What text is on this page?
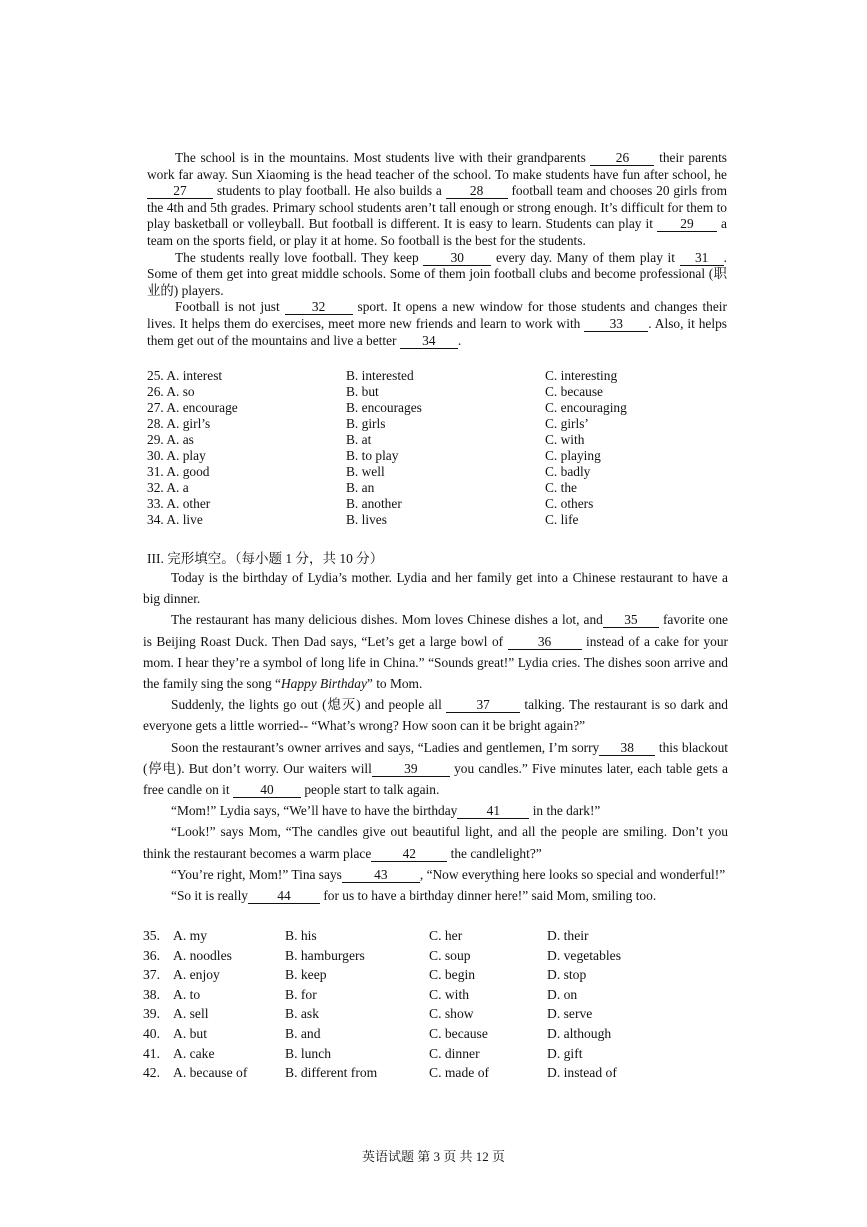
The school is in the mountains. Most students live with their grandparents 26 their parents work far away. Sun Xiaoming is the head teacher of the school. To make students have fun after school, he 27 students to play football. He also builds a 28 football team and chooses 20 girls from the 4th and 5th grades. Primary school students aren’t tall enough or strong enough. It’s difficult for them to play basketball or volleyball. But football is different. It is easy to learn. Students can play it 29 a team on the sports field, or play it at home. So football is the best for the students.

The students really love football. They keep 30 every day. Many of them play it 31 . Some of them get into great middle schools. Some of them join football clubs and become professional (职业的) players.

Football is not just 32 sport. It opens a new window for those students and changes their lives. It helps them do exercises, meet more new friends and learn to work with 33 . Also, it helps them get out of the mountains and live a better 34 .

25. A. interest	B. interested	C. interesting
26. A. so	B. but	C. because
27. A. encourage	B. encourages	C. encouraging
28. A. girl’s	B. girls	C. girls’
29. A. as	B. at	C. with
30. A. play	B. to play	C. playing
31. A. good	B. well	C. badly
32. A. a	B. an	C. the
33. A. other	B. another	C. others
34. A. live	B. lives	C. life
III. 完形填空。（每小题 1 分，共 10 分）

Today is the birthday of Lydia’s mother. Lydia and her family get into a Chinese restaurant to have a big dinner.

The restaurant has many delicious dishes. Mom loves Chinese dishes a lot, and 35 favorite one is Beijing Roast Duck. Then Dad says, “Let’s get a large bowl of 36 instead of a cake for your mom. I hear they’re a symbol of long life in China.” “Sounds great!” Lydia cries. The dishes soon arrive and the family sing the song “Happy Birthday” to Mom.

Suddenly, the lights go out (熄灭) and people all 37 talking. The restaurant is so dark and everyone gets a little worried-- “What’s wrong? How soon can it be bright again?”

Soon the restaurant’s owner arrives and says, “Ladies and gentlemen, I’m sorry 38 this blackout (停电). But don’t worry. Our waiters will 39 you candles.” Five minutes later, each table gets a free candle on it 40 people start to talk again.

“Mom!” Lydia says, “We’ll have to have the birthday 41 in the dark!”

“Look!” says Mom, “The candles give out beautiful light, and all the people are smiling. Don’t you think the restaurant becomes a warm place 42 the candlelight?”

“You’re right, Mom!” Tina says 43 , “Now everything here looks so special and wonderful!”

“So it is really 44 for us to have a birthday dinner here!” said Mom, smiling too.

35. A. my	B. his	C. her	D. their
36. A. noodles	B. hamburgers	C. soup	D. vegetables
37. A. enjoy	B. keep	C. begin	D. stop
38. A. to	B. for	C. with	D. on
39. A. sell	B. ask	C. show	D. serve
40. A. but	B. and	C. because	D. although
41. A. cake	B. lunch	C. dinner	D. gift
42. A. because of	B. different from	C. made of	D. instead of
英语试题 第 3 页 共 12 页
